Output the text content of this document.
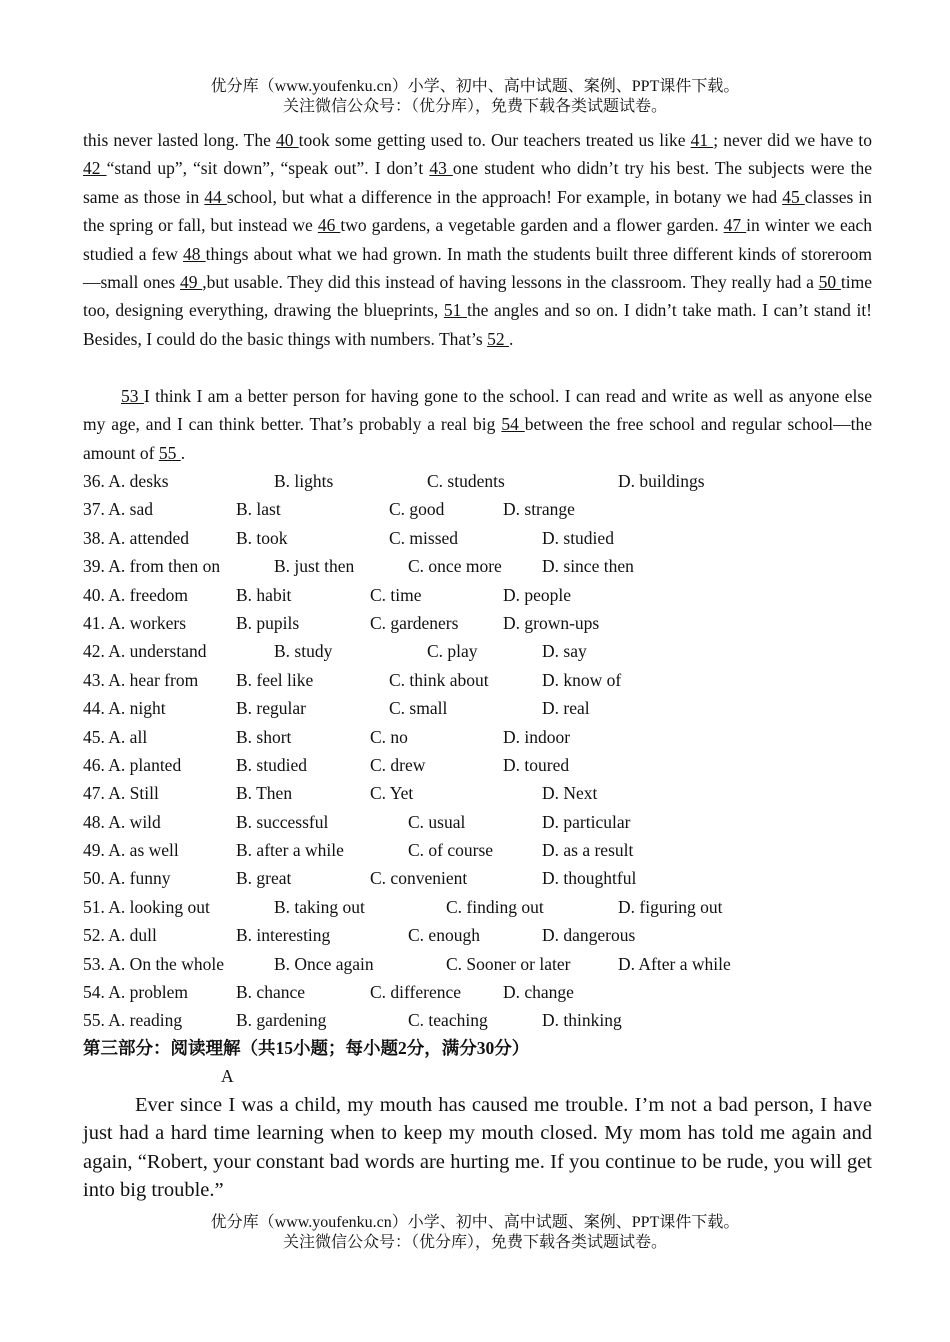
优分库（www.youfenku.cn）小学、初中、高中试题、案例、PPT课件下载。
关注微信公众号：（优分库），免费下载各类试题试卷。
this never lasted long. The 40 took some getting used to. Our teachers treated us like 41 ; never did we have to 42 “stand up”, “sit down”, “speak out”. I don’t 43 one student who didn’t try his best. The subjects were the same as those in 44 school, but what a difference in the approach! For example, in botany we had 45 classes in the spring or fall, but instead we 46 two gardens, a vegetable garden and a flower garden. 47 in winter we each studied a few 48 things about what we had grown. In math the students built three different kinds of storeroom—small ones 49 ,but usable. They did this instead of having lessons in the classroom. They really had a 50 time too, designing everything, drawing the blueprints, 51 the angles and so on. I didn’t take math. I can’t stand it! Besides, I could do the basic things with numbers. That’s 52 .
53 I think I am a better person for having gone to the school. I can read and write as well as anyone else my age, and I can think better. That’s probably a real big 54 between the free school and regular school—the amount of 55 .
36. A. desks	B. lights	C. students	D. buildings
37. A. sad	B. last	C. good	D. strange
38. A. attended	B. took	C. missed	D. studied
39. A. from then on	B. just then	C. once more D. since then
40. A. freedom	B. habit	C. time	D. people
41. A. workers	B. pupils	C. gardeners	D. grown-ups
42. A. understand	B. study	C. play	D. say
43. A. hear from B. feel like	C. think about	D. know of
44. A. night	B. regular	C. small	D. real
45. A. all	B. short	C. no	D. indoor
46. A. planted	B. studied	C. drew	D. toured
47. A. Still	B. Then	C. Yet	D. Next
48. A. wild	B. successful	C. usual	D. particular
49. A. as well	B. after a while	C. of course	D. as a result
50. A. funny	B. great	C. convenient	D. thoughtful
51. A. looking out	B. taking out	C. finding out	D. figuring out
52. A. dull	B. interesting	C. enough	D. dangerous
53. A. On the whole	B. Once again	C. Sooner or later	D. After a while
54. A. problem	B. chance	C. difference D. change
55. A. reading	B. gardening	C. teaching	D. thinking
第三部分：阅读理解（共15小题；每小题2分，满分30分）
A
Ever since I was a child, my mouth has caused me trouble. I’m not a bad person, I have just had a hard time learning when to keep my mouth closed. My mom has told me again and again, “Robert, your constant bad words are hurting me. If you continue to be rude, you will get into big trouble.”
优分库（www.youfenku.cn）小学、初中、高中试题、案例、PPT课件下载。
关注微信公众号：（优分库），免费下载各类试题试卷。
